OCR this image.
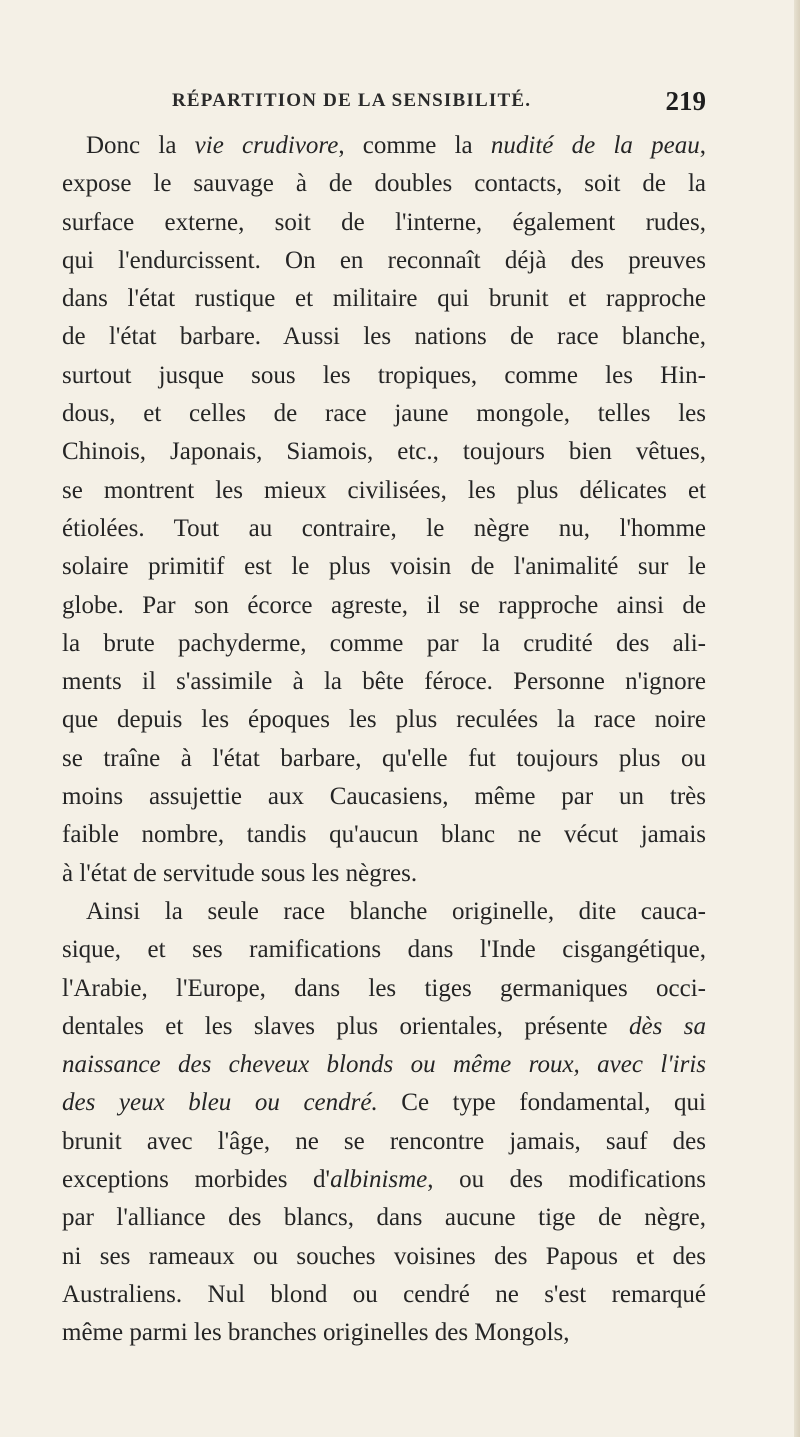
RÉPARTITION DE LA SENSIBILITÉ.	219
Donc la vie crudivore, comme la nudité de la peau,
expose le sauvage à de doubles contacts, soit de la
surface externe, soit de l'interne, également rudes,
qui l'endurcissent. On en reconnaît déjà des preuves
dans l'état rustique et militaire qui brunit et rapproche
de l'état barbare. Aussi les nations de race blanche,
surtout jusque sous les tropiques, comme les Hin-
dous, et celles de race jaune mongole, telles les
Chinois, Japonais, Siamois, etc., toujours bien vêtues,
se montrent les mieux civilisées, les plus délicates et
étiolées. Tout au contraire, le nègre nu, l'homme
solaire primitif est le plus voisin de l'animalité sur le
globe. Par son écorce agreste, il se rapproche ainsi de
la brute pachyderme, comme par la crudité des ali-
ments il s'assimile à la bête féroce. Personne n'ignore
que depuis les époques les plus reculées la race noire
se traîne à l'état barbare, qu'elle fut toujours plus ou
moins assujettie aux Caucasiens, même par un très
faible nombre, tandis qu'aucun blanc ne vécut jamais
à l'état de servitude sous les nègres.
Ainsi la seule race blanche originelle, dite cauca-
sique, et ses ramifications dans l'Inde cisgangétique,
l'Arabie, l'Europe, dans les tiges germaniques occi-
dentales et les slaves plus orientales, présente dès sa
naissance des cheveux blonds ou même roux, avec l'iris
des yeux bleu ou cendré. Ce type fondamental, qui
brunit avec l'âge, ne se rencontre jamais, sauf des
exceptions morbides d'albinisme, ou des modifications
par l'alliance des blancs, dans aucune tige de nègre,
ni ses rameaux ou souches voisines des Papous et des
Australiens. Nul blond ou cendré ne s'est remarqué
même parmi les branches originelles des Mongols,
